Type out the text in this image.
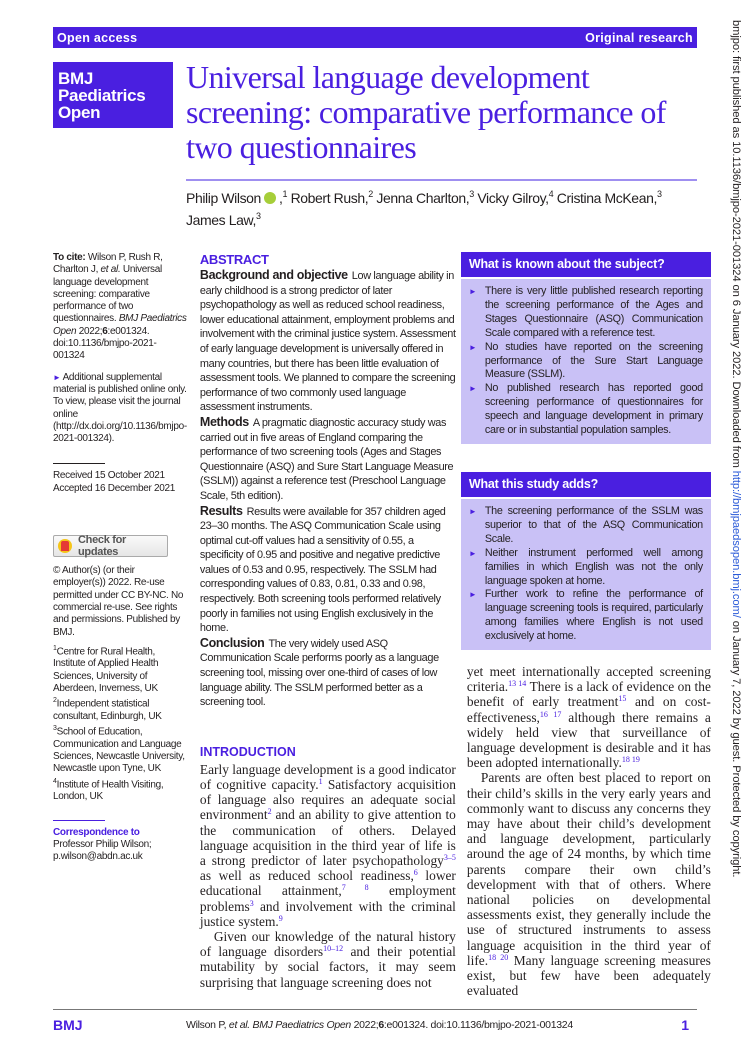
Open access	Original research
BMJ
Paediatrics
Open
Universal language development screening: comparative performance of two questionnaires
Philip Wilson ,$^1$ Robert Rush,$^2$ Jenna Charlton,$^3$ Vicky Gilroy,$^4$ Cristina McKean,$^3$ James Law,$^3$
To cite: Wilson P, Rush R, Charlton J, et al. Universal language development screening: comparative performance of two questionnaires. BMJ Paediatrics Open 2022;6:e001324. doi:10.1136/bmjpo-2021-001324
► Additional supplemental material is published online only. To view, please visit the journal online (http://dx.doi.org/10.1136/bmjpo-2021-001324).
Received 15 October 2021
Accepted 16 December 2021
Check for updates
© Author(s) (or their employer(s)) 2022. Re-use permitted under CC BY-NC. No commercial re-use. See rights and permissions. Published by BMJ.
$^1$Centre for Rural Health, Institute of Applied Health Sciences, University of Aberdeen, Inverness, UK
$^2$Independent statistical consultant, Edinburgh, UK
$^3$School of Education, Communication and Language Sciences, Newcastle University, Newcastle upon Tyne, UK
$^4$Institute of Health Visiting, London, UK
Correspondence to
Professor Philip Wilson; p.wilson@abdn.ac.uk
ABSTRACT
Background and objective Low language ability in early childhood is a strong predictor of later psychopathology as well as reduced school readiness, lower educational attainment, employment problems and involvement with the criminal justice system. Assessment of early language development is universally offered in many countries, but there has been little evaluation of assessment tools. We planned to compare the screening performance of two commonly used language assessment instruments.
Methods A pragmatic diagnostic accuracy study was carried out in five areas of England comparing the performance of two screening tools (Ages and Stages Questionnaire (ASQ) and Sure Start Language Measure (SSLM)) against a reference test (Preschool Language Scale, 5th edition).
Results Results were available for 357 children aged 23–30 months. The ASQ Communication Scale using optimal cut-off values had a sensitivity of 0.55, a specificity of 0.95 and positive and negative predictive values of 0.53 and 0.95, respectively. The SSLM had corresponding values of 0.83, 0.81, 0.33 and 0.98, respectively. Both screening tools performed relatively poorly in families not using English exclusively in the home.
Conclusion The very widely used ASQ Communication Scale performs poorly as a language screening tool, missing over one-third of cases of low language ability. The SSLM performed better as a screening tool.
INTRODUCTION

Early language development is a good indicator of cognitive capacity.$^1$ Satisfactory acquisition of language also requires an adequate social environment$^2$ and an ability to give attention to the communication of others. Delayed language acquisition in the third year of life is a strong predictor of later psychopathology$^{3-5}$ as well as reduced school readiness,$^6$ lower educational attainment,$^{7 8}$ employment problems$^3$ and involvement with the criminal justice system.$^9$

Given our knowledge of the natural history of language disorders$^{10-12}$ and their potential mutability by social factors, it may seem surprising that language screening does not

What is known about the subject?
► There is very little published research reporting the screening performance of the Ages and Stages Questionnaire (ASQ) Communication Scale compared with a reference test.
► No studies have reported on the screening performance of the Sure Start Language Measure (SSLM).
► No published research has reported good screening performance of questionnaires for speech and language development in primary care or in substantial population samples.
What this study adds?
► The screening performance of the SSLM was superior to that of the ASQ Communication Scale.
► Neither instrument performed well among families in which English was not the only language spoken at home.
► Further work to refine the performance of language screening tools is required, particularly among families where English is not used exclusively at home.

yet meet internationally accepted screening criteria.$^{13 14}$ There is a lack of evidence on the benefit of early treatment$^{15}$ and on cost-effectiveness,$^{16 17}$ although there remains a widely held view that surveillance of language development is desirable and it has been adopted internationally.$^{18 19}$

Parents are often best placed to report on their child’s skills in the very early years and commonly want to discuss any concerns they may have about their child’s development and language development, particularly around the age of 24 months, by which time parents compare their own child’s development with that of others. Where national policies on developmental assessments exist, they generally include the use of structured instruments to assess language acquisition in the third year of life.$^{18 20}$ Many language screening measures exist, but few have been adequately evaluated

BMJ	Wilson P, et al. BMJ Paediatrics Open 2022;6:e001324. doi:10.1136/bmjpo-2021-001324	1
bmjpo: first published as 10.1136/bmjpo-2021-001324 on 6 January 2022. Downloaded from http://bmjpaedsopen.bmj.com/ on January 7, 2022 by guest. Protected by copyright.
